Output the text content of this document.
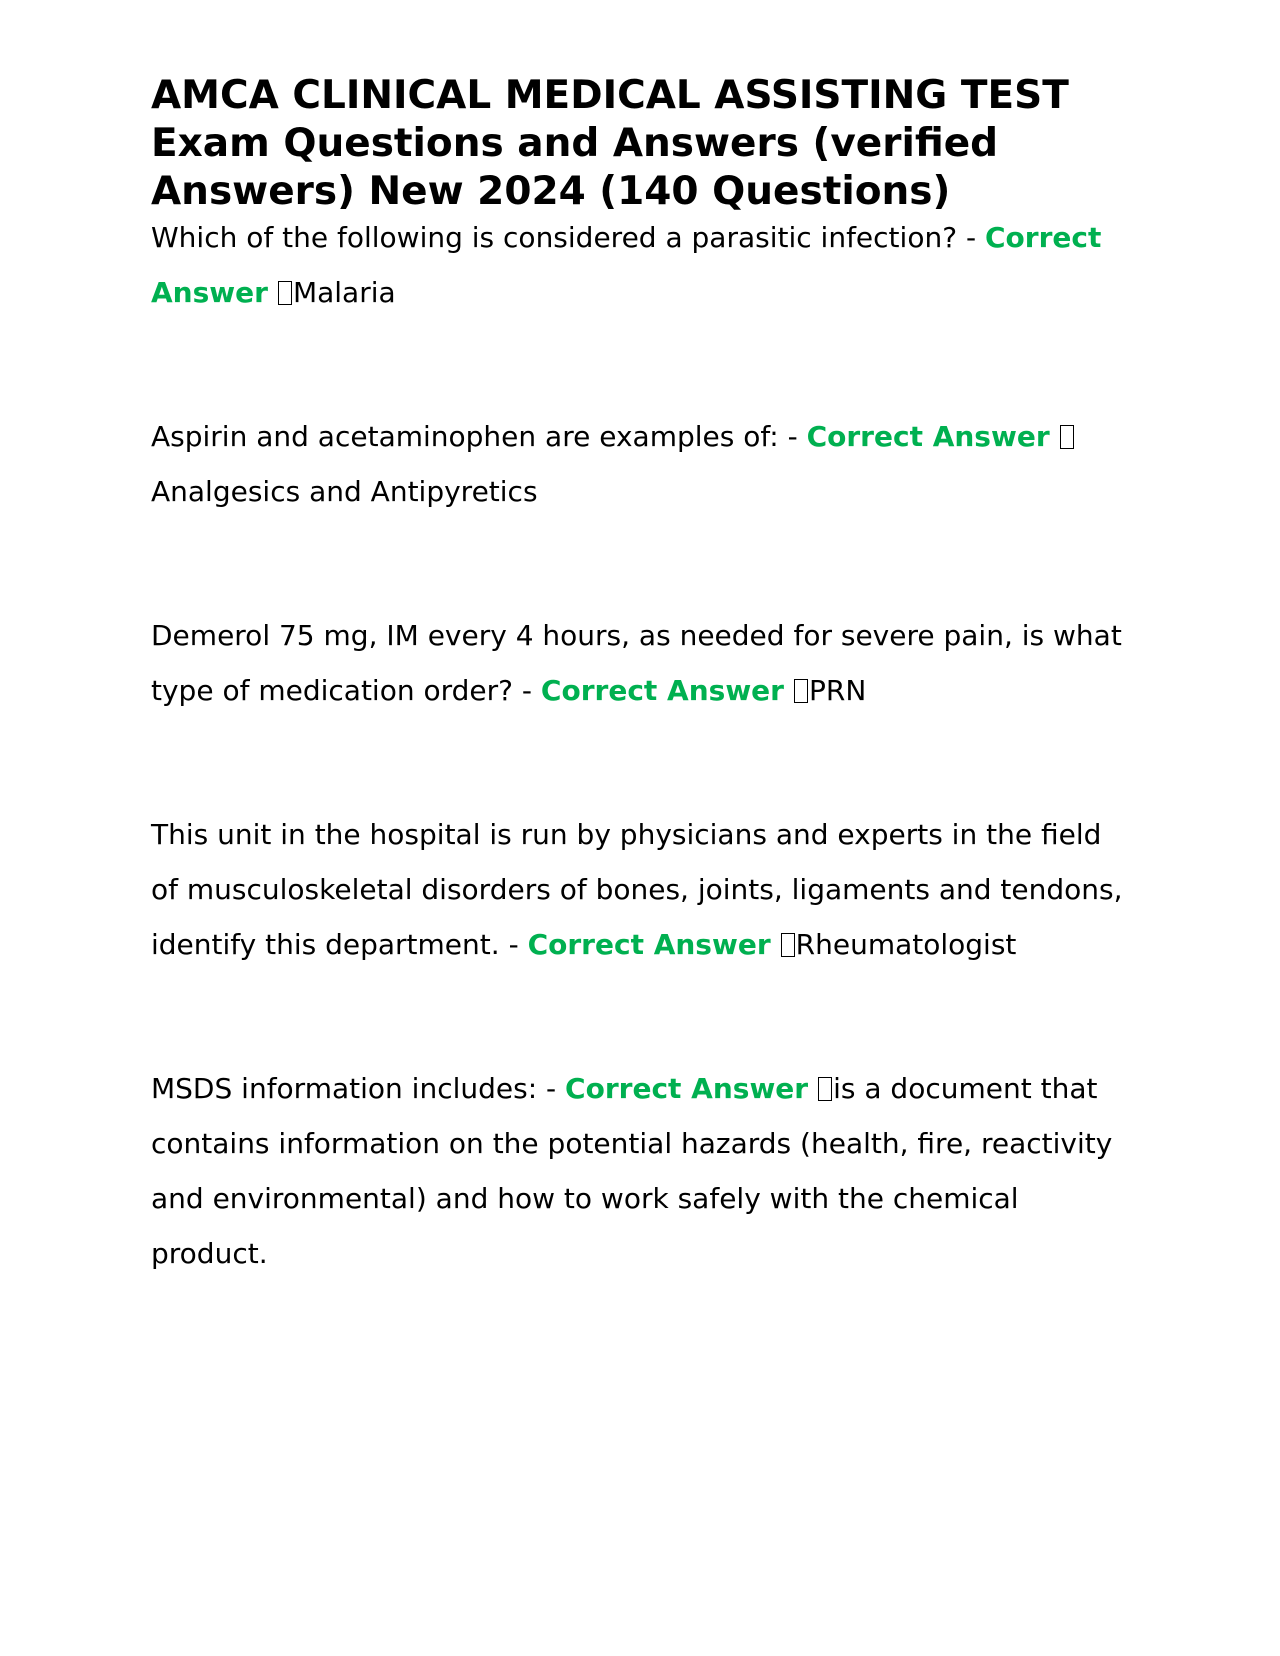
AMCA CLINICAL MEDICAL ASSISTING TEST Exam Questions and Answers (verified Answers) New 2024 (140 Questions)

Which of the following is considered a parasitic infection? - Correct Answer Malaria

Aspirin and acetaminophen are examples of: - Correct AnswerAnalgesics and Antipyretics

Demerol 75 mg, IM every 4 hours, as needed for severe pain, is what type of medication order? - Correct Answer PRN

This unit in the hospital is run by physicians and experts in the field of musculoskeletal disorders of bones, joints, ligaments and tendons, identify this department. - Correct Answer Rheumatologist

MSDS information includes: - Correct Answer is a document that contains information on the potential hazards (health, fire, reactivity and environmental) and how to work safely with the chemical product.
